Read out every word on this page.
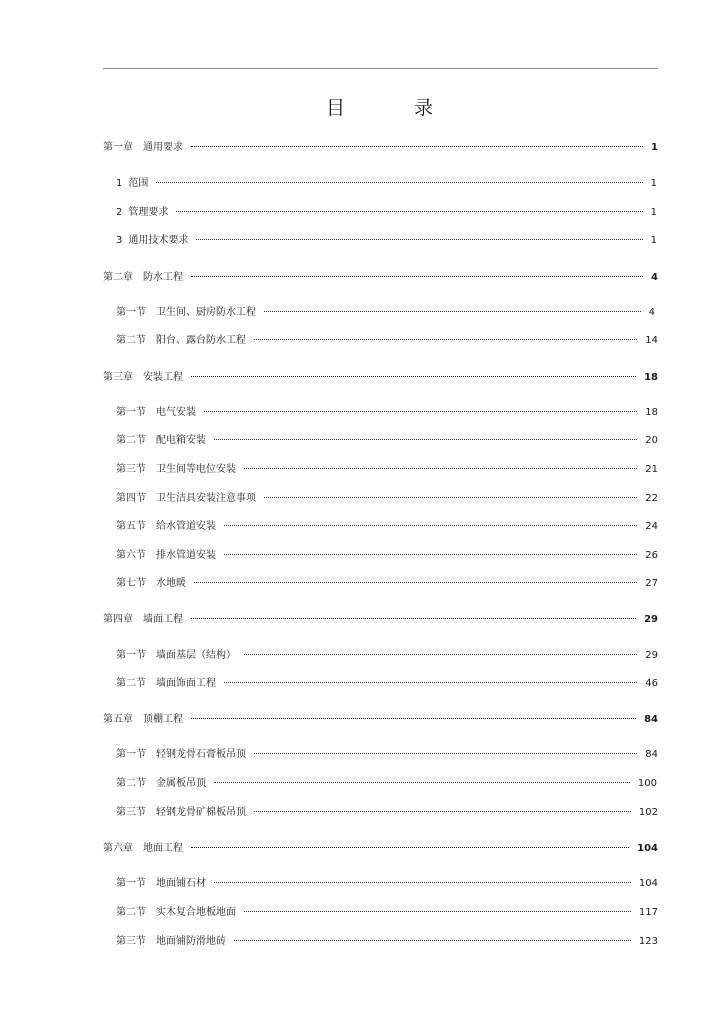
目	录
第一章 通用要求	1
1 范围	1
2 管理要求	1
3 通用技术要求	1
第二章 防水工程	4
第一节 卫生间、厨房防水工程	4
第二节 阳台、露台防水工程	14
第三章 安装工程	18
第一节 电气安装	18
第二节 配电箱安装	20
第三节 卫生间等电位安装	21
第四节 卫生洁具安装注意事项	22
第五节 给水管道安装	24
第六节 排水管道安装	26
第七节 水地暖	27
第四章 墙面工程	29
第一节 墙面基层（结构）	29
第二节 墙面饰面工程	46
第五章 顶棚工程	84
第一节 轻钢龙骨石膏板吊顶	84
第二节 金属板吊顶	100
第三节 轻钢龙骨矿棉板吊顶	102
第六章 地面工程	104
第一节 地面铺石材	104
第二节 实木复合地板地面	117
第三节 地面铺防滑地砖	123
